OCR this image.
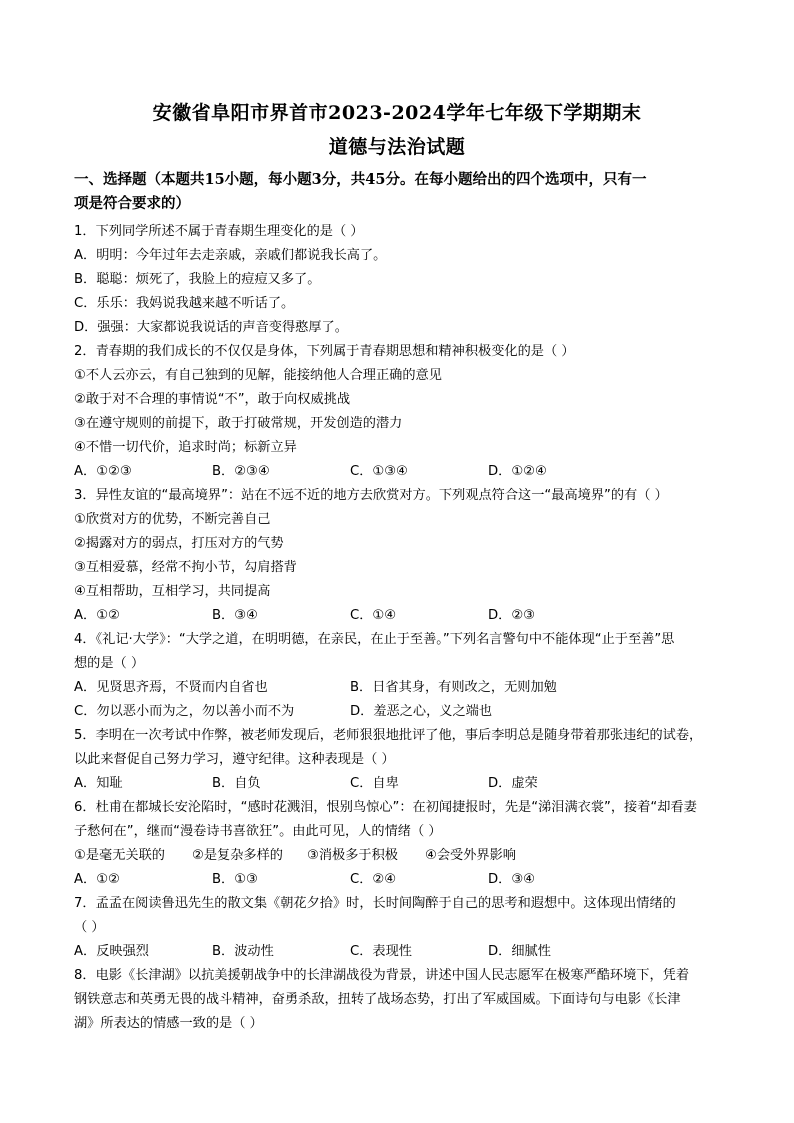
安徽省阜阳市界首市2023-2024学年七年级下学期期末
道德与法治试题
一、选择题（本题共15小题，每小题3分，共45分。在每小题给出的四个选项中，只有一
项是符合要求的）
1．下列同学所述不属于青春期生理变化的是（ ）
A．明明：今年过年去走亲戚，亲戚们都说我长高了。
B．聪聪：烦死了，我脸上的痘痘又多了。
C．乐乐：我妈说我越来越不听话了。
D．强强：大家都说我说话的声音变得憨厚了。
2．青春期的我们成长的不仅仅是身体，下列属于青春期思想和精神积极变化的是（ ）
①不人云亦云，有自己独到的见解，能接纳他人合理正确的意见
②敢于对不合理的事情说“不”，敢于向权威挑战
③在遵守规则的前提下，敢于打破常规，开发创造的潜力
④不惜一切代价，追求时尚；标新立异
A．①②③	B．②③④	C．①③④	D．①②④
3．异性友谊的“最高境界”：站在不远不近的地方去欣赏对方。下列观点符合这一“最高境界”的有（ ）
①欣赏对方的优势，不断完善自己
②揭露对方的弱点，打压对方的气势
③互相爱慕，经常不拘小节，勾肩搭背
④互相帮助，互相学习，共同提高
A．①②	B．③④	C．①④	D．②③
4．《礼记·大学》：“大学之道，在明明德，在亲民，在止于至善。”下列名言警句中不能体现“止于至善”思
想的是（ ）
A．见贤思齐焉，不贤而内自省也	B．日省其身，有则改之，无则加勉
C．勿以恶小而为之，勿以善小而不为	D．羞恶之心，义之端也
5．李明在一次考试中作弊，被老师发现后，老师狠狠地批评了他，事后李明总是随身带着那张违纪的试卷，
以此来督促自己努力学习，遵守纪律。这种表现是（ ）
A．知耻	B．自负	C．自卑	D．虚荣
6．杜甫在都城长安沦陷时，“感时花溅泪，恨别鸟惊心”：在初闻捷报时，先是“涕泪满衣裳”，接着“却看妻
子愁何在”，继而“漫卷诗书喜欲狂”。由此可见，人的情绪（ ）
①是毫无关联的 ②是复杂多样的 ③消极多于积极 ④会受外界影响
A．①②	B．①③	C．②④	D．③④
7．孟孟在阅读鲁迅先生的散文集《朝花夕拾》时，长时间陶醉于自己的思考和遐想中。这体现出情绪的
（ ）
A．反映强烈	B．波动性	C．表现性	D．细腻性
8．电影《长津湖》以抗美援朝战争中的长津湖战役为背景，讲述中国人民志愿军在极寒严酷环境下，凭着
钢铁意志和英勇无畏的战斗精神，奋勇杀敌，扭转了战场态势，打出了军威国威。下面诗句与电影《长津
湖》所表达的情感一致的是（ ）
